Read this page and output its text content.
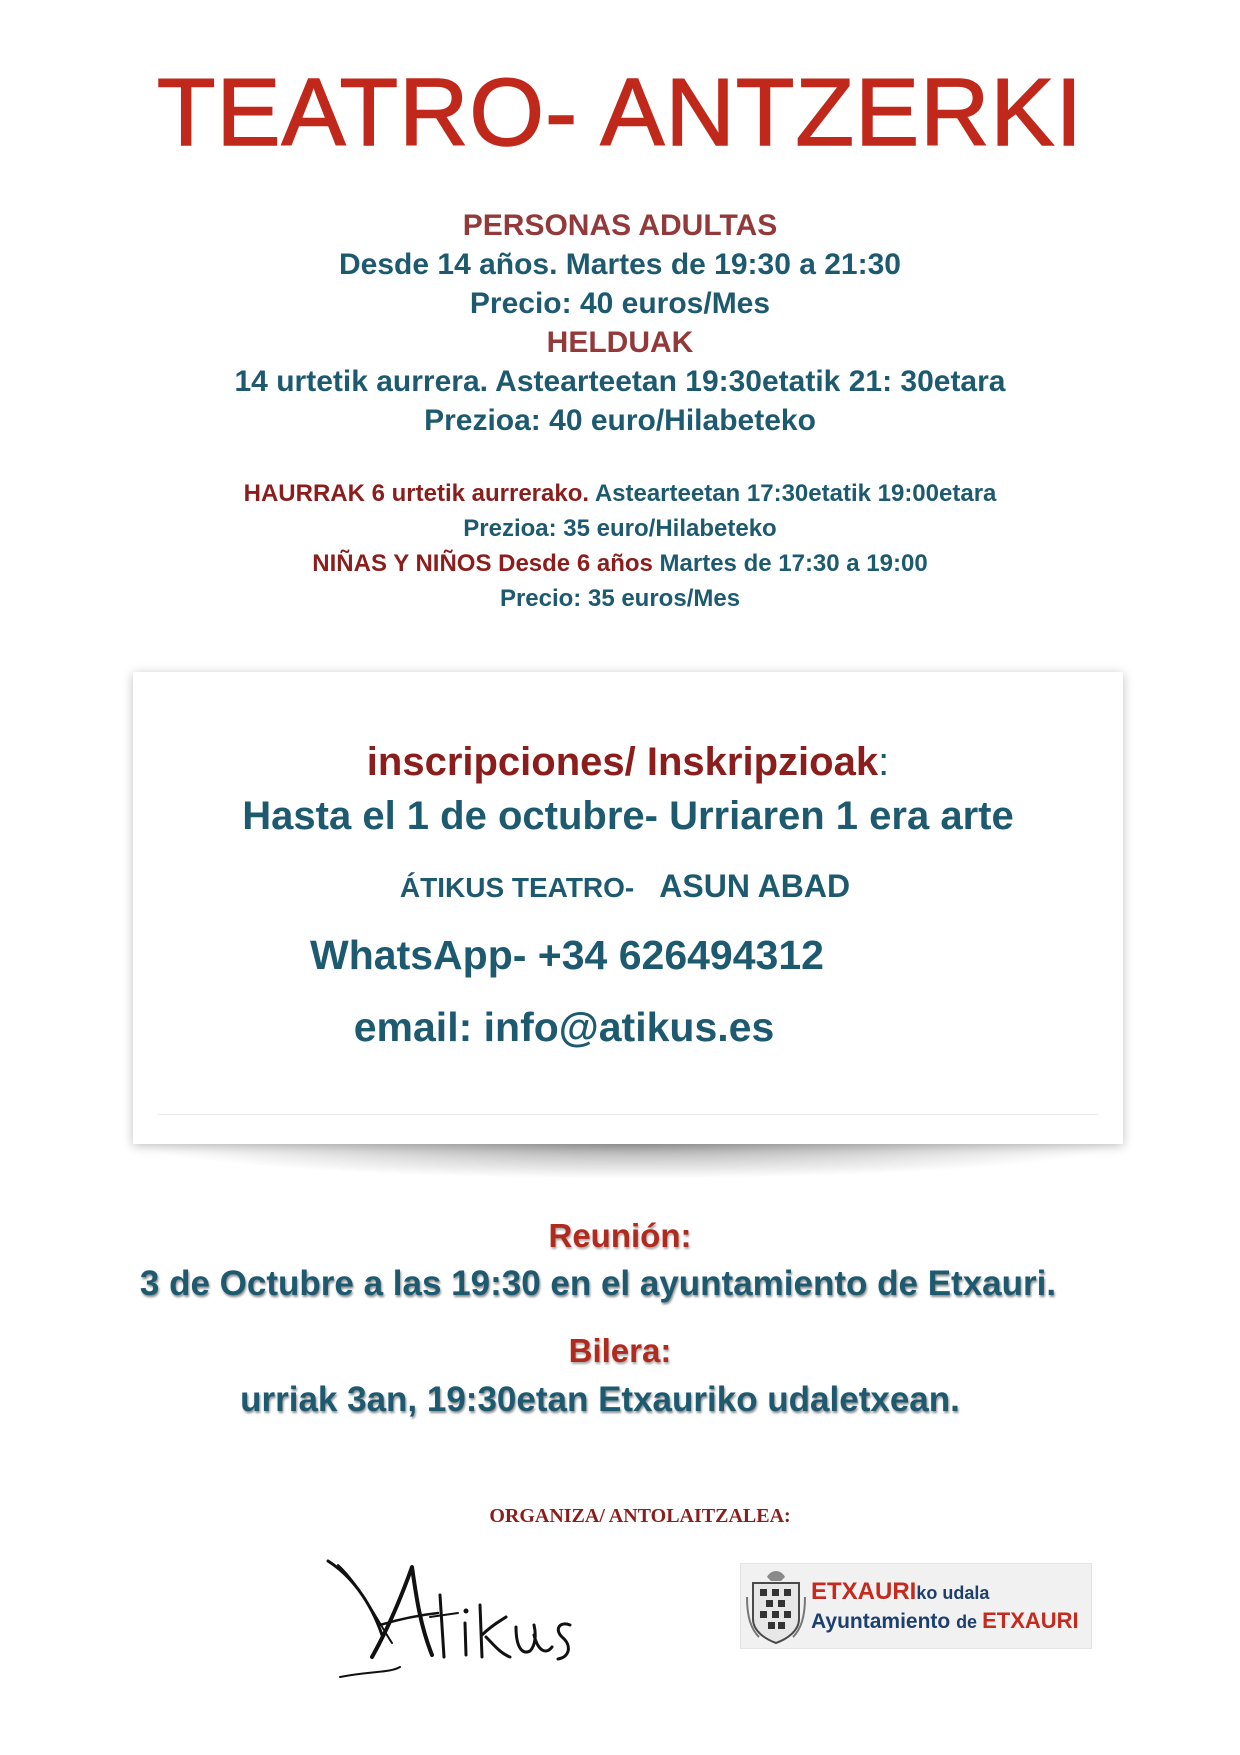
TEATRO- ANTZERKI
PERSONAS ADULTAS
Desde 14 años. Martes de 19:30 a 21:30
Precio: 40 euros/Mes
HELDUAK
14 urtetik aurrera. Astearteetan 19:30etatik 21: 30etara
Prezioa: 40 euro/Hilabeteko
HAURRAK 6 urtetik aurrerako. Astearteetan 17:30etatik 19:00etara
Prezioa: 35 euro/Hilabeteko
NIÑAS Y NIÑOS Desde 6 años Martes de 17:30 a 19:00
Precio: 35 euros/Mes
inscripciones/ Inskripzioak:
Hasta el 1 de octubre- Urriaren 1 era arte
ÁTIKUS TEATRO- ASUN ABAD
WhatsApp- +34 626494312
email: info@atikus.es
Reunión:
3 de Octubre a las 19:30 en el ayuntamiento de Etxauri.
Bilera:
urriak 3an, 19:30etan Etxauriko udaletxean.
ORGANIZA/ ANTOLAITZALEA:
ETXAURIko udala
Ayuntamiento de ETXAURI
